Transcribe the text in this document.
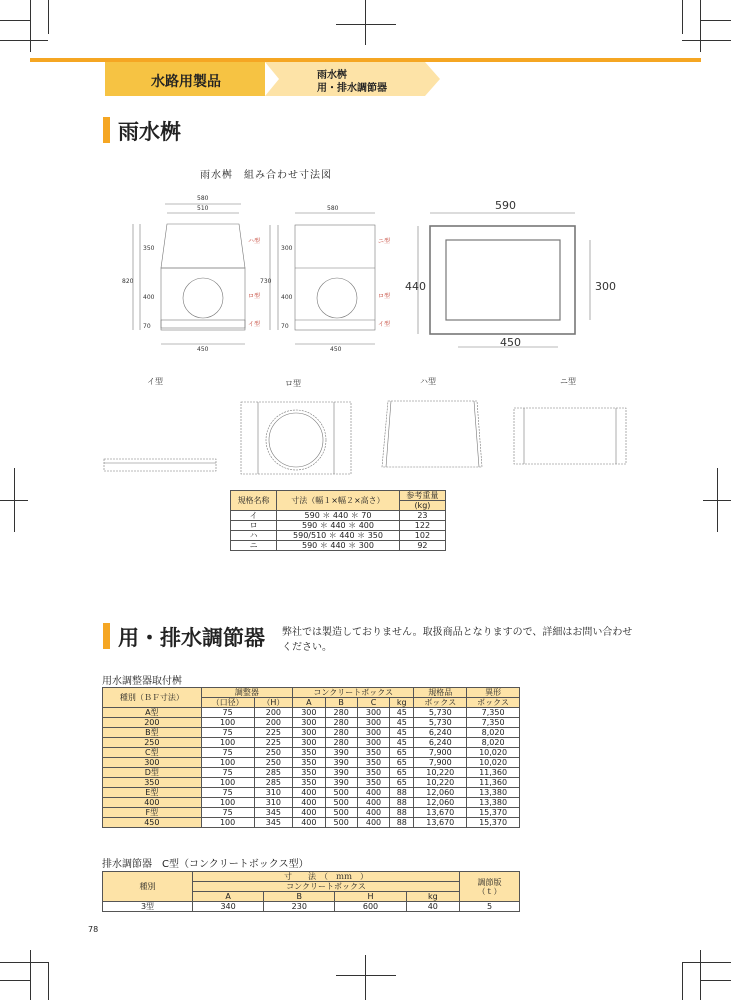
水路用製品	雨水桝
用・排水調節器
雨水桝
雨水桝　組み合わせ寸法図
580
510
350
400
70
820
450
ハ型
ロ型
イ型
580
300
730
400
70
450
ニ型
ロ型
イ型
590
440	300
450
イ型	ロ型	ハ型	ニ型
規格名称	寸法（幅１×幅２×高さ）	参考重量
		(kg)
イ	590 ＊ 440 ＊ 70	23
ロ	590 ＊ 440 ＊ 400	122
ハ	590/510 ＊ 440 ＊ 350	102
ニ	590 ＊ 440 ＊ 300	92
用・排水調節器 弊社では製造しておりません。取扱商品となりますので、詳細はお問い合わせください。
用水調整器取付桝
種別（ＢＦ寸法）	調整器		コンクリートボックス				規格品	異形
	（口径）	（H）	A	B	C	kg	ボックス	ボックス
A型	75	200	300	280	300	45	5,730	7,350
200	100	200	300	280	300	45	5,730	7,350
B型	75	225	300	280	300	45	6,240	8,020
250	100	225	300	280	300	45	6,240	8,020
C型	75	250	350	390	350	65	7,900	10,020
300	100	250	350	390	350	65	7,900	10,020
D型	75	285	350	390	350	65	10,220	11,360
350	100	285	350	390	350	65	10,220	11,360
E型	75	310	400	500	400	88	12,060	13,380
400	100	310	400	500	400	88	12,060	13,380
F型	75	345	400	500	400	88	13,670	15,370
450	100	345	400	500	400	88	13,670	15,370
排水調節器　C型（コンクリートボックス型）
種別	寸　　法　（　ｍｍ　）				調節版
（ｔ）

	コンクリートボックス				
	A	B	H	kg	
3型	340	230	600	40	5
78
